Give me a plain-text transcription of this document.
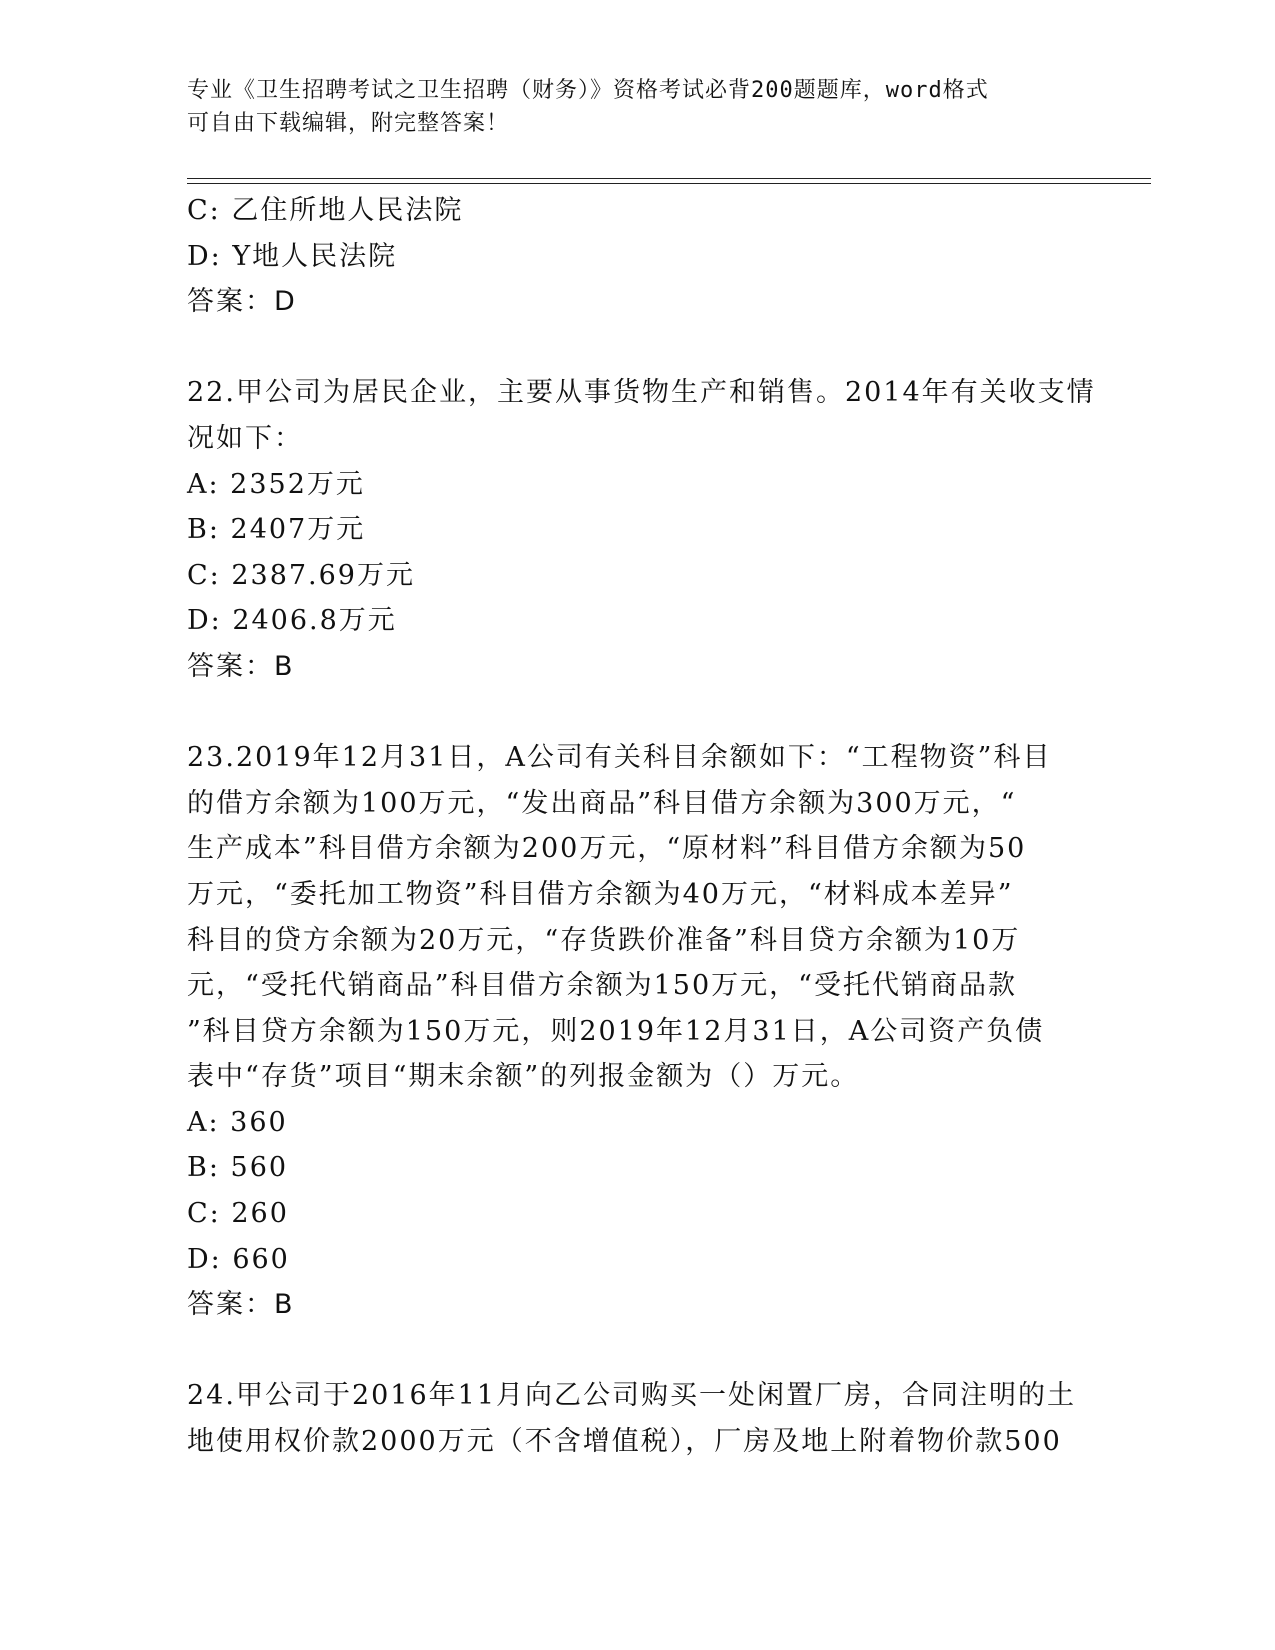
专业《卫生招聘考试之卫生招聘（财务）》资格考试必背200题题库，word格式
可自由下载编辑，附完整答案！
C: 乙住所地人民法院
D: Y地人民法院
答案：D
22.甲公司为居民企业，主要从事货物生产和销售。2014年有关收支情
况如下：
A: 2352万元
B: 2407万元
C: 2387.69万元
D: 2406.8万元
答案：B
23.2019年12月31日，A公司有关科目余额如下：“工程物资”科目
的借方余额为100万元，“发出商品”科目借方余额为300万元，“
生产成本”科目借方余额为200万元，“原材料”科目借方余额为50
万元，“委托加工物资”科目借方余额为40万元，“材料成本差异”
科目的贷方余额为20万元，“存货跌价准备”科目贷方余额为10万
元，“受托代销商品”科目借方余额为150万元，“受托代销商品款
”科目贷方余额为150万元，则2019年12月31日，A公司资产负债
表中“存货”项目“期末余额”的列报金额为（）万元。
A: 360
B: 560
C: 260
D: 660
答案：B
24.甲公司于2016年11月向乙公司购买一处闲置厂房，合同注明的土
地使用权价款2000万元（不含增值税），厂房及地上附着物价款500
